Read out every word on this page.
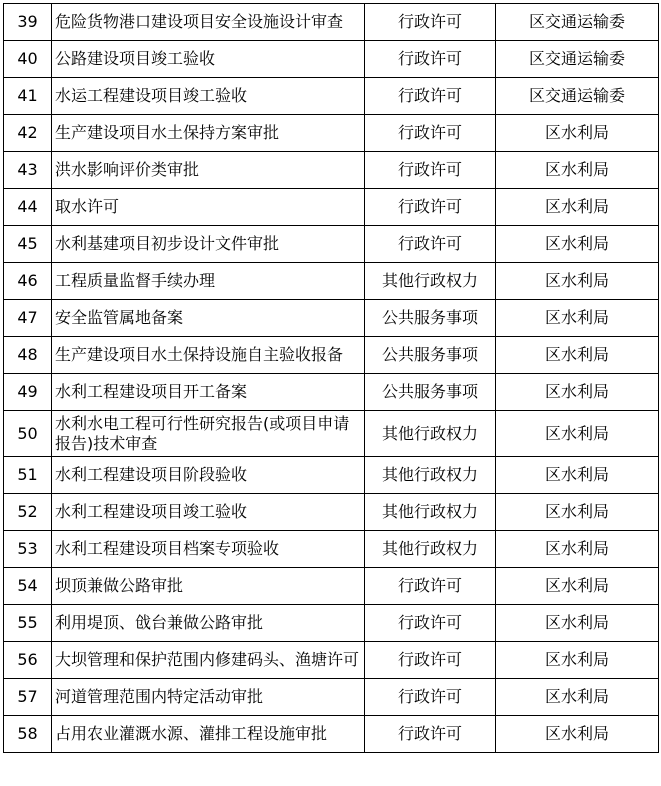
39	危险货物港口建设项目安全设施设计审查	行政许可	区交通运输委
40	公路建设项目竣工验收	行政许可	区交通运输委
41	水运工程建设项目竣工验收	行政许可	区交通运输委
42	生产建设项目水土保持方案审批	行政许可	区水利局
43	洪水影响评价类审批	行政许可	区水利局
44	取水许可	行政许可	区水利局
45	水利基建项目初步设计文件审批	行政许可	区水利局
46	工程质量监督手续办理	其他行政权力	区水利局
47	安全监管属地备案	公共服务事项	区水利局
48	生产建设项目水土保持设施自主验收报备	公共服务事项	区水利局
49	水利工程建设项目开工备案	公共服务事项	区水利局
50	水利水电工程可行性研究报告(或项目申请报告)技术审查	其他行政权力	区水利局
51	水利工程建设项目阶段验收	其他行政权力	区水利局
52	水利工程建设项目竣工验收	其他行政权力	区水利局
53	水利工程建设项目档案专项验收	其他行政权力	区水利局
54	坝顶兼做公路审批	行政许可	区水利局
55	利用堤顶、戗台兼做公路审批	行政许可	区水利局
56	大坝管理和保护范围内修建码头、渔塘许可	行政许可	区水利局
57	河道管理范围内特定活动审批	行政许可	区水利局
58	占用农业灌溉水源、灌排工程设施审批	行政许可	区水利局
